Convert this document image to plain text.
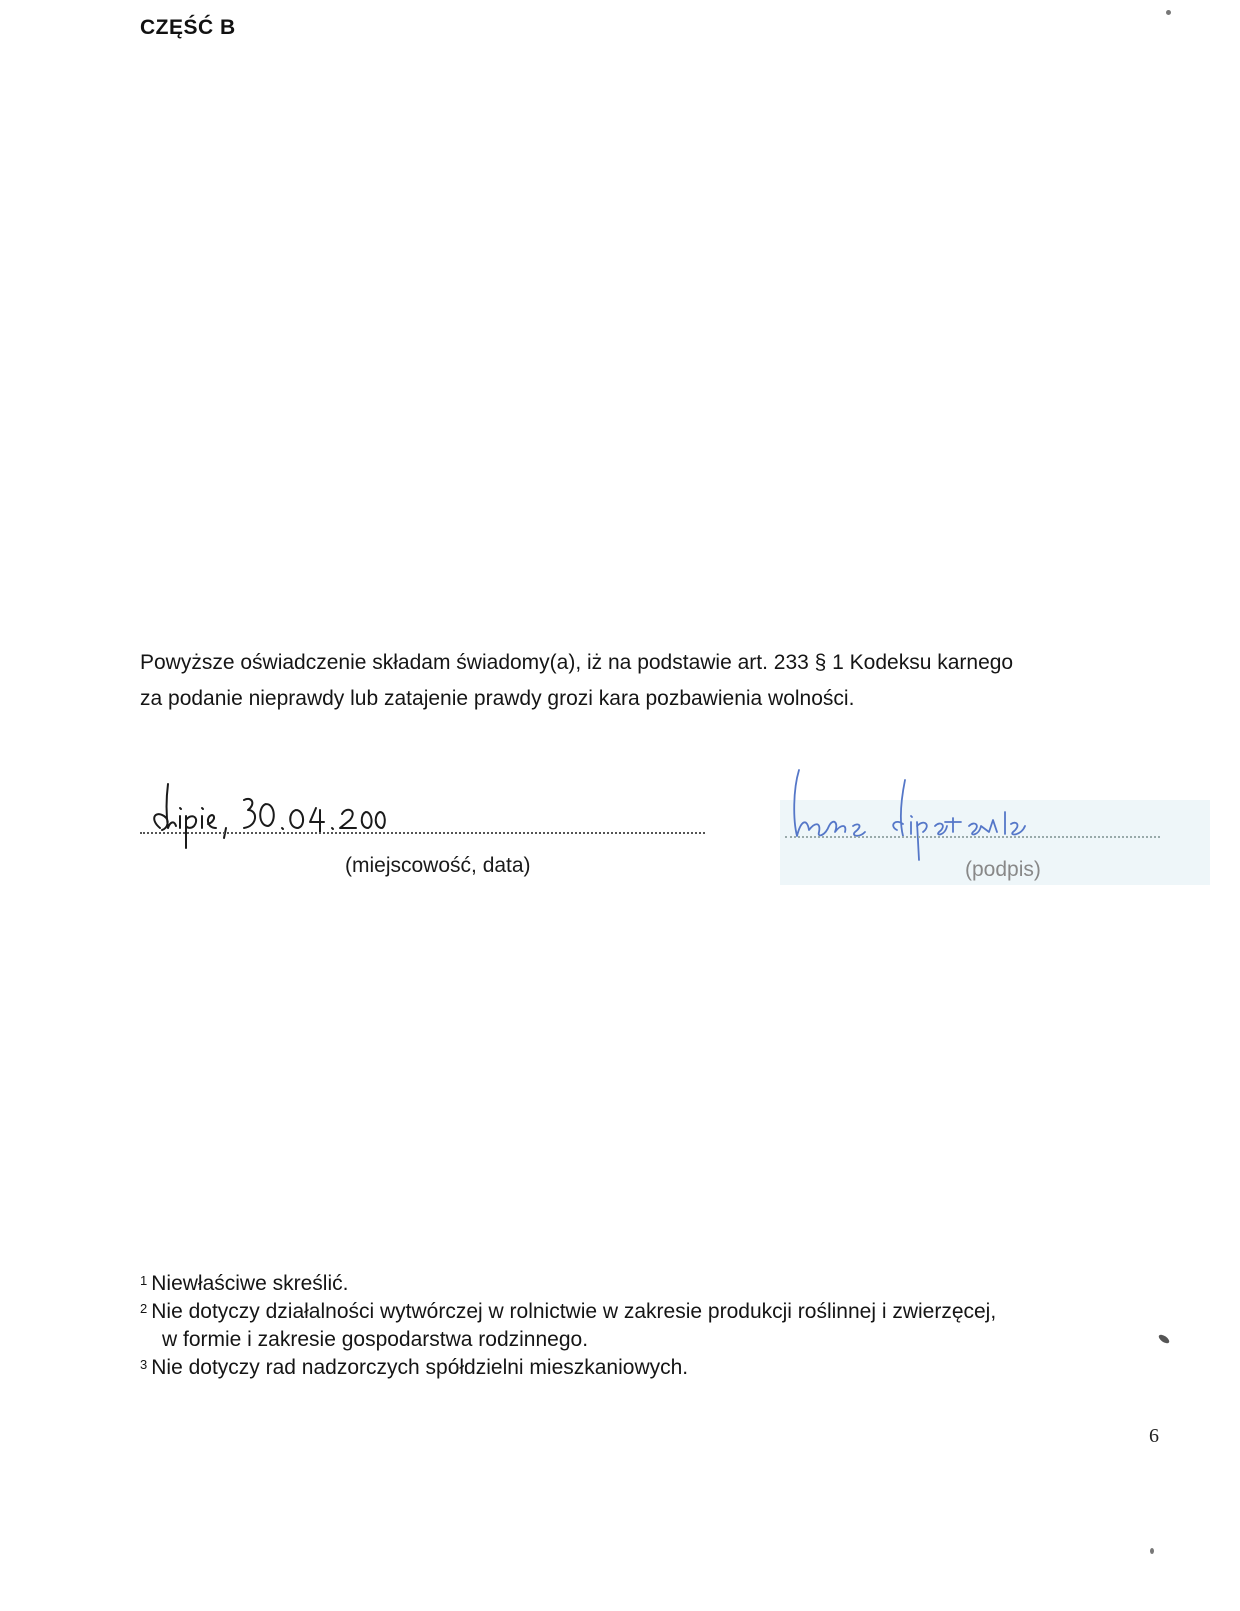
CZĘŚĆ B
Powyższe oświadczenie składam świadomy(a), iż na podstawie art. 233 § 1 Kodeksu karnego
za podanie nieprawdy lub zatajenie prawdy grozi kara pozbawienia wolności.
(miejscowość, data)	(podpis)
$^1$ Niewłaściwe skreślić.
$^2$ Nie dotyczy działalności wytwórczej w rolnictwie w zakresie produkcji roślinnej i zwierzęcej,
w formie i zakresie gospodarstwa rodzinnego.
$^3$ Nie dotyczy rad nadzorczych spółdzielni mieszkaniowych.
6
